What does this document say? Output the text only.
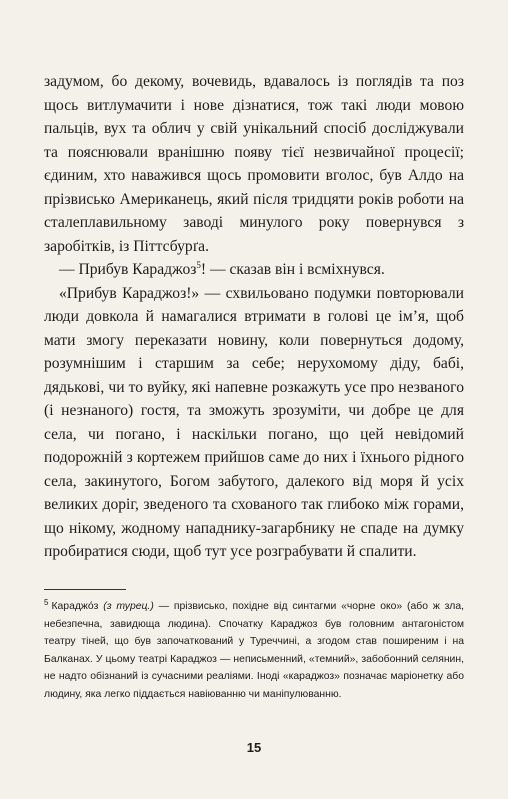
задумом, бо декому, вочевидь, вдавалось із поглядів та поз щось витлумачити і нове дізнатися, тож такі люди мовою пальців, вух та облич у свій унікальний спосіб досліджували та пояснювали вранішню появу тієї незвичайної процесії; єдиним, хто наважився щось промовити вголос, був Алдо на прізвисько Американець, який після тридцяти років роботи на сталеплавильному заводі минулого року повернувся з заробітків, із Піттсбурґа.

— Прибув Караджоз$^5$! — сказав він і всміхнувся.

«Прибув Караджоз!» — схвильовано подумки повторювали люди довкола й намагалися втримати в голові це ім’я, щоб мати змогу переказати новину, коли повернуться додому, розумнішим і старшим за себе; нерухомому діду, бабі, дядькові, чи то вуйку, які напевне розкажуть усе про незваного (і незнаного) гостя, та зможуть зрозуміти, чи добре це для села, чи погано, і наскільки погано, що цей невідомий подорожній з кортежем прийшов саме до них і їхнього рідного села, закинутого, Богом забутого, далекого від моря й усіх великих доріг, зведеного та схованого так глибоко між горами, що нікому, жодному нападнику-загарбнику не спаде на думку пробиратися сюди, щоб тут усе розграбувати й спалити.

$^5$ Караджо́з (з турец.) — прізвисько, похідне від синтагми «чорне око» (або ж зла, небезпечна, завидюща людина). Спочатку Караджоз був головним антагоністом театру тіней, що був започаткований у Туреччині, а згодом став поширеним і на Балканах. У цьому театрі Караджоз — неписьменний, «темний», забобонний селянин, не надто обізнаний із сучасними реаліями. Іноді «караджоз» позначає маріонетку або людину, яка легко піддається навіюванню чи маніпулюванню.
15
